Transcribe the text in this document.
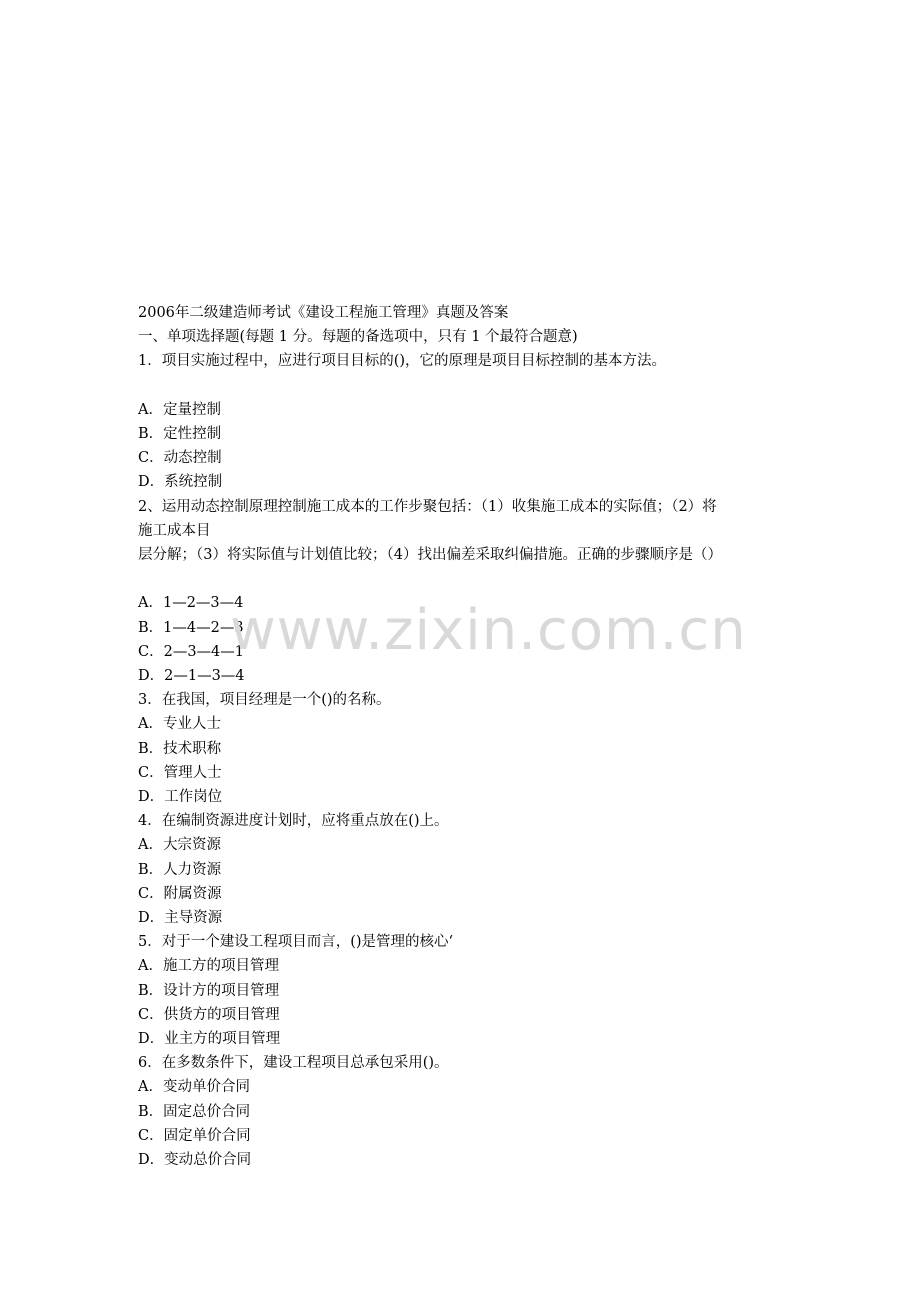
2006年二级建造师考试《建设工程施工管理》真题及答案
一、单项选择题(每题 1 分。每题的备选项中，只有 1 个最符合题意)
1．项目实施过程中，应进行项目目标的()，它的原理是项目目标控制的基本方法。
A．定量控制
B．定性控制
C．动态控制
D．系统控制
2、运用动态控制原理控制施工成本的工作步聚包括：（1）收集施工成本的实际值；（2）将
施工成本目
层分解；（3）将实际值与计划值比较；（4）找出偏差采取纠偏措施。正确的步骤顺序是（）
A．1—2—3—4
B．1—4—2—3
C．2—3—4—1
D．2—1—3—4
3．在我国，项目经理是一个()的名称。
A．专业人士
B．技术职称
C．管理人士
D．工作岗位
4．在编制资源进度计划时，应将重点放在()上。
A．大宗资源
B．人力资源
C．附属资源
D．主导资源
5．对于一个建设工程项目而言，()是管理的核心‘
A．施工方的项目管理
B．设计方的项目管理
C．供货方的项目管理
D．业主方的项目管理
6．在多数条件下，建设工程项目总承包采用()。
A．变动单价合同
B．固定总价合同
C．固定单价合同
D．变动总价合同
www.zixin.com.cn
